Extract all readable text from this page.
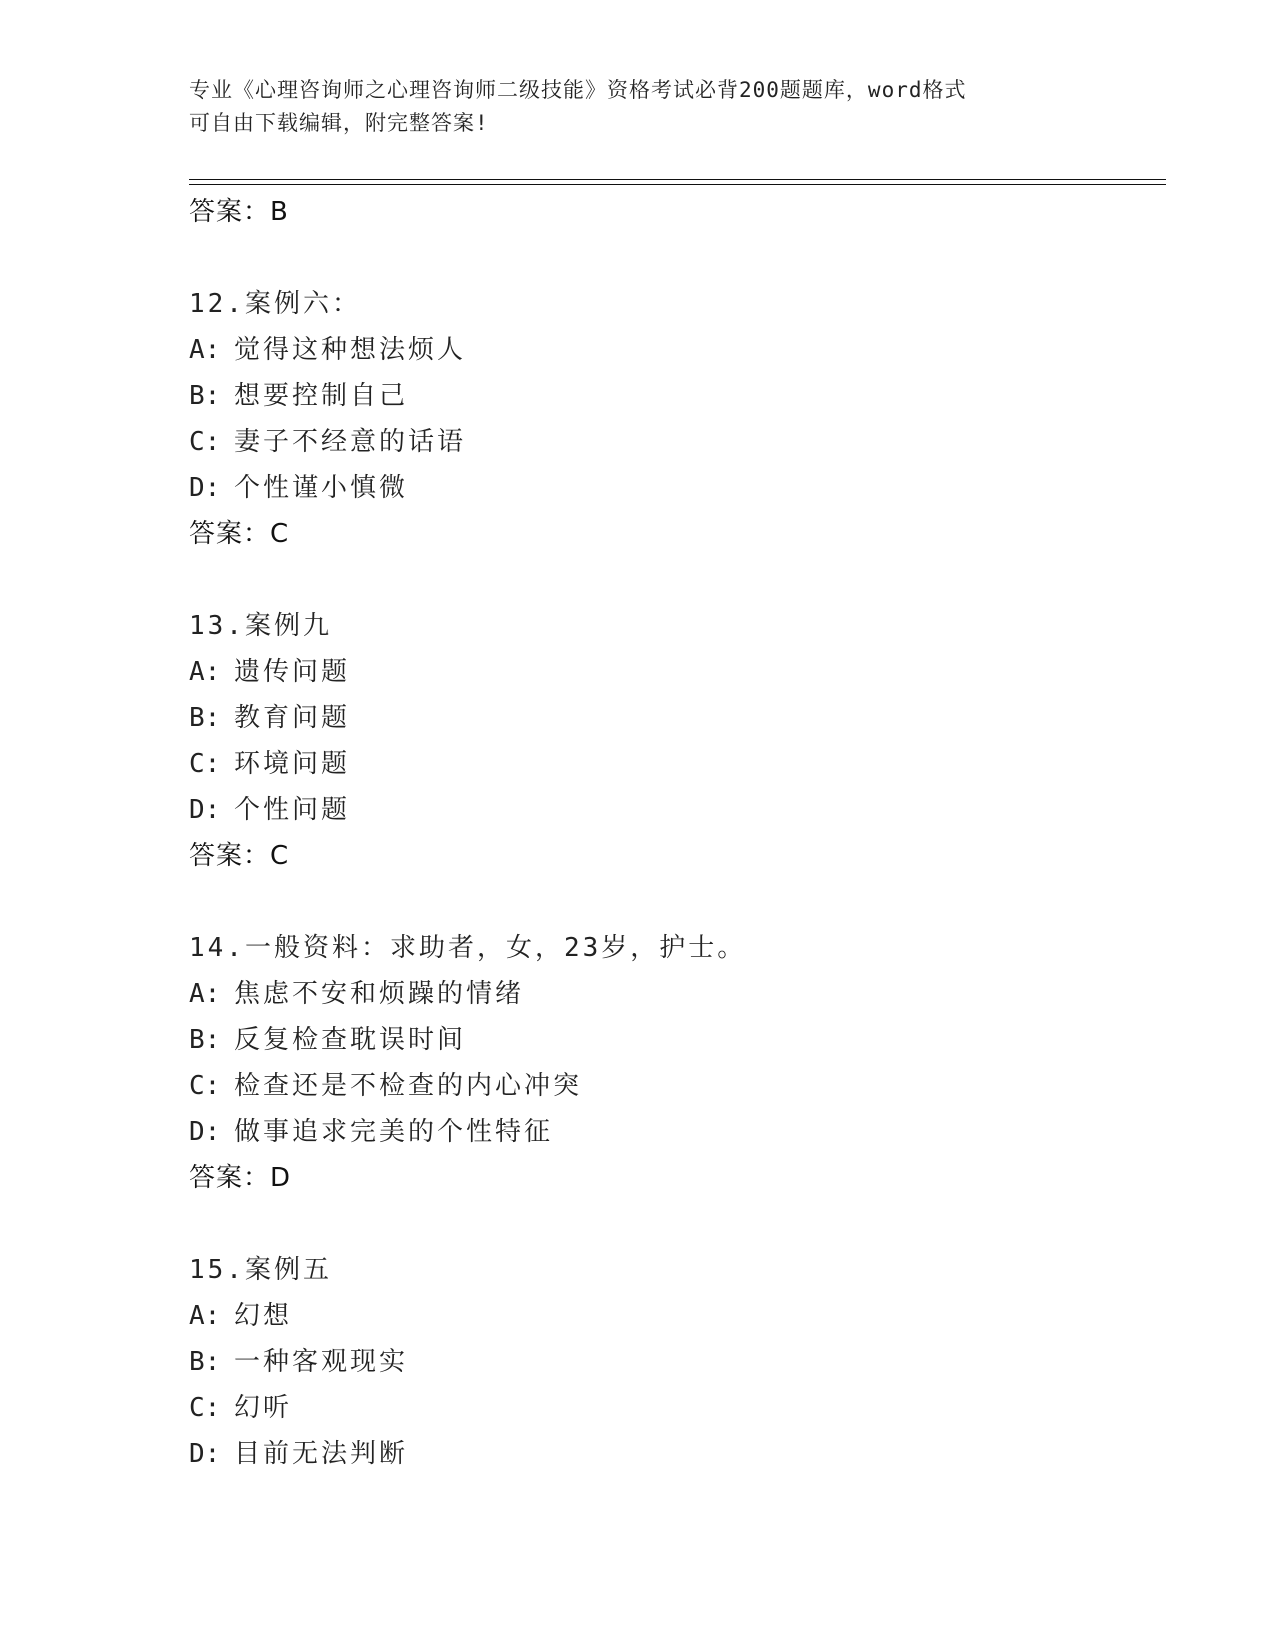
专业《心理咨询师之心理咨询师二级技能》资格考试必背200题题库，word格式
可自由下载编辑，附完整答案!
答案：B
12.案例六：
A: 觉得这种想法烦人
B: 想要控制自己
C: 妻子不经意的话语
D: 个性谨小慎微
答案：C
13.案例九
A: 遗传问题
B: 教育问题
C: 环境问题
D: 个性问题
答案：C
14.一般资料：求助者，女，23岁，护士。
A: 焦虑不安和烦躁的情绪
B: 反复检查耽误时间
C: 检查还是不检查的内心冲突
D: 做事追求完美的个性特征
答案：D
15.案例五
A: 幻想
B: 一种客观现实
C: 幻听
D: 目前无法判断
